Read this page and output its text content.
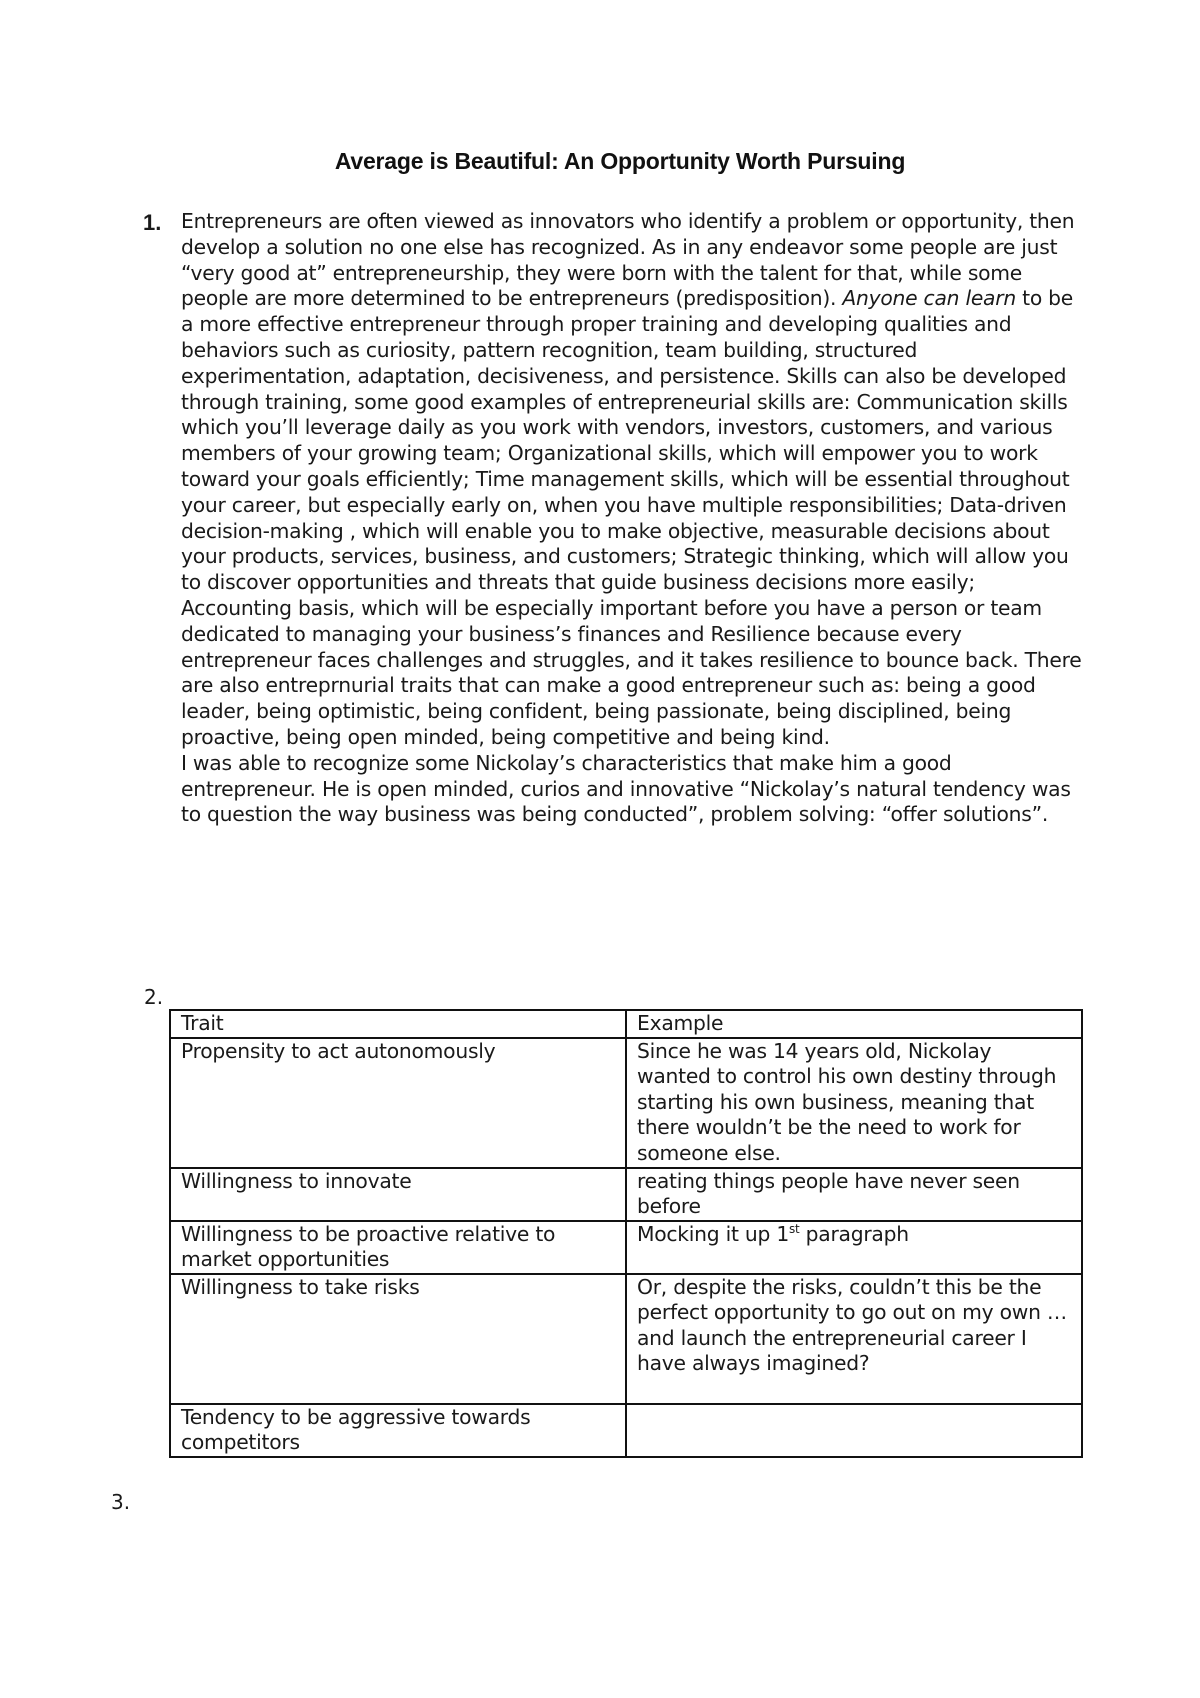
Average is Beautiful: An Opportunity Worth Pursuing
1. Entrepreneurs are often viewed as innovators who identify a problem or opportunity, then develop a solution no one else has recognized. As in any endeavor some people are just “very good at” entrepreneurship, they were born with the talent for that, while some people are more determined to be entrepreneurs (predisposition). Anyone can learn to be a more effective entrepreneur through proper training and developing qualities and behaviors such as curiosity, pattern recognition, team building, structured experimentation, adaptation, decisiveness, and persistence. Skills can also be developed through training, some good examples of entrepreneurial skills are: Communication skills which you’ll leverage daily as you work with vendors, investors, customers, and various members of your growing team; Organizational skills, which will empower you to work toward your goals efficiently; Time management skills, which will be essential throughout your career, but especially early on, when you have multiple responsibilities; Data-driven decision-making , which will enable you to make objective, measurable decisions about your products, services, business, and customers; Strategic thinking, which will allow you to discover opportunities and threats that guide business decisions more easily; Accounting basis, which will be especially important before you have a person or team dedicated to managing your business’s finances and Resilience because every entrepreneur faces challenges and struggles, and it takes resilience to bounce back. There are also entreprnurial traits that can make a good entrepreneur such as: being a good leader, being optimistic, being confident, being passionate, being disciplined, being proactive, being open minded, being competitive and being kind.

I was able to recognize some Nickolay’s characteristics that make him a good entrepreneur. He is open minded, curios and innovative “Nickolay’s natural tendency was to question the way business was being conducted”, problem solving: “offer solutions”.

2.
Trait	Example
Propensity to act autonomously	Since he was 14 years old, Nickolay wanted to control his own destiny through starting his own business, meaning that there wouldn’t be the need to work for someone else.
Willingness to innovate	reating things people have never seen before
Willingness to be proactive relative to market opportunities	Mocking it up 1st paragraph
Willingness to take risks	Or, despite the risks, couldn’t this be the perfect opportunity to go out on my own … and launch the entrepreneurial career I have always imagined?
Tendency to be aggressive towards competitors	
3.
